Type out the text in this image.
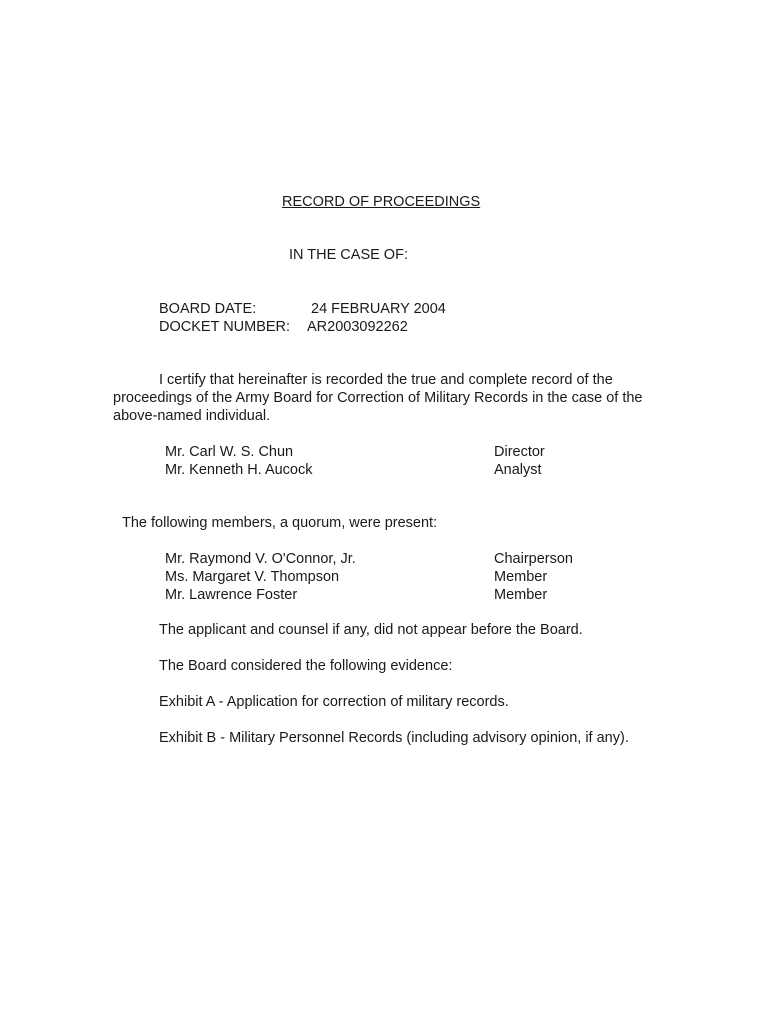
RECORD OF PROCEEDINGS
IN THE CASE OF:
BOARD DATE:	24 FEBRUARY 2004
DOCKET NUMBER: AR2003092262
I certify that hereinafter is recorded the true and complete record of the proceedings of the Army Board for Correction of Military Records in the case of the above-named individual.
Mr. Carl W. S. Chun	Director
Mr. Kenneth H. Aucock	Analyst
The following members, a quorum, were present:
Mr. Raymond V. O'Connor, Jr.	Chairperson
Ms. Margaret V. Thompson	Member
Mr. Lawrence Foster	Member
The applicant and counsel if any, did not appear before the Board.
The Board considered the following evidence:
Exhibit A - Application for correction of military records.
Exhibit B - Military Personnel Records (including advisory opinion, if any).
